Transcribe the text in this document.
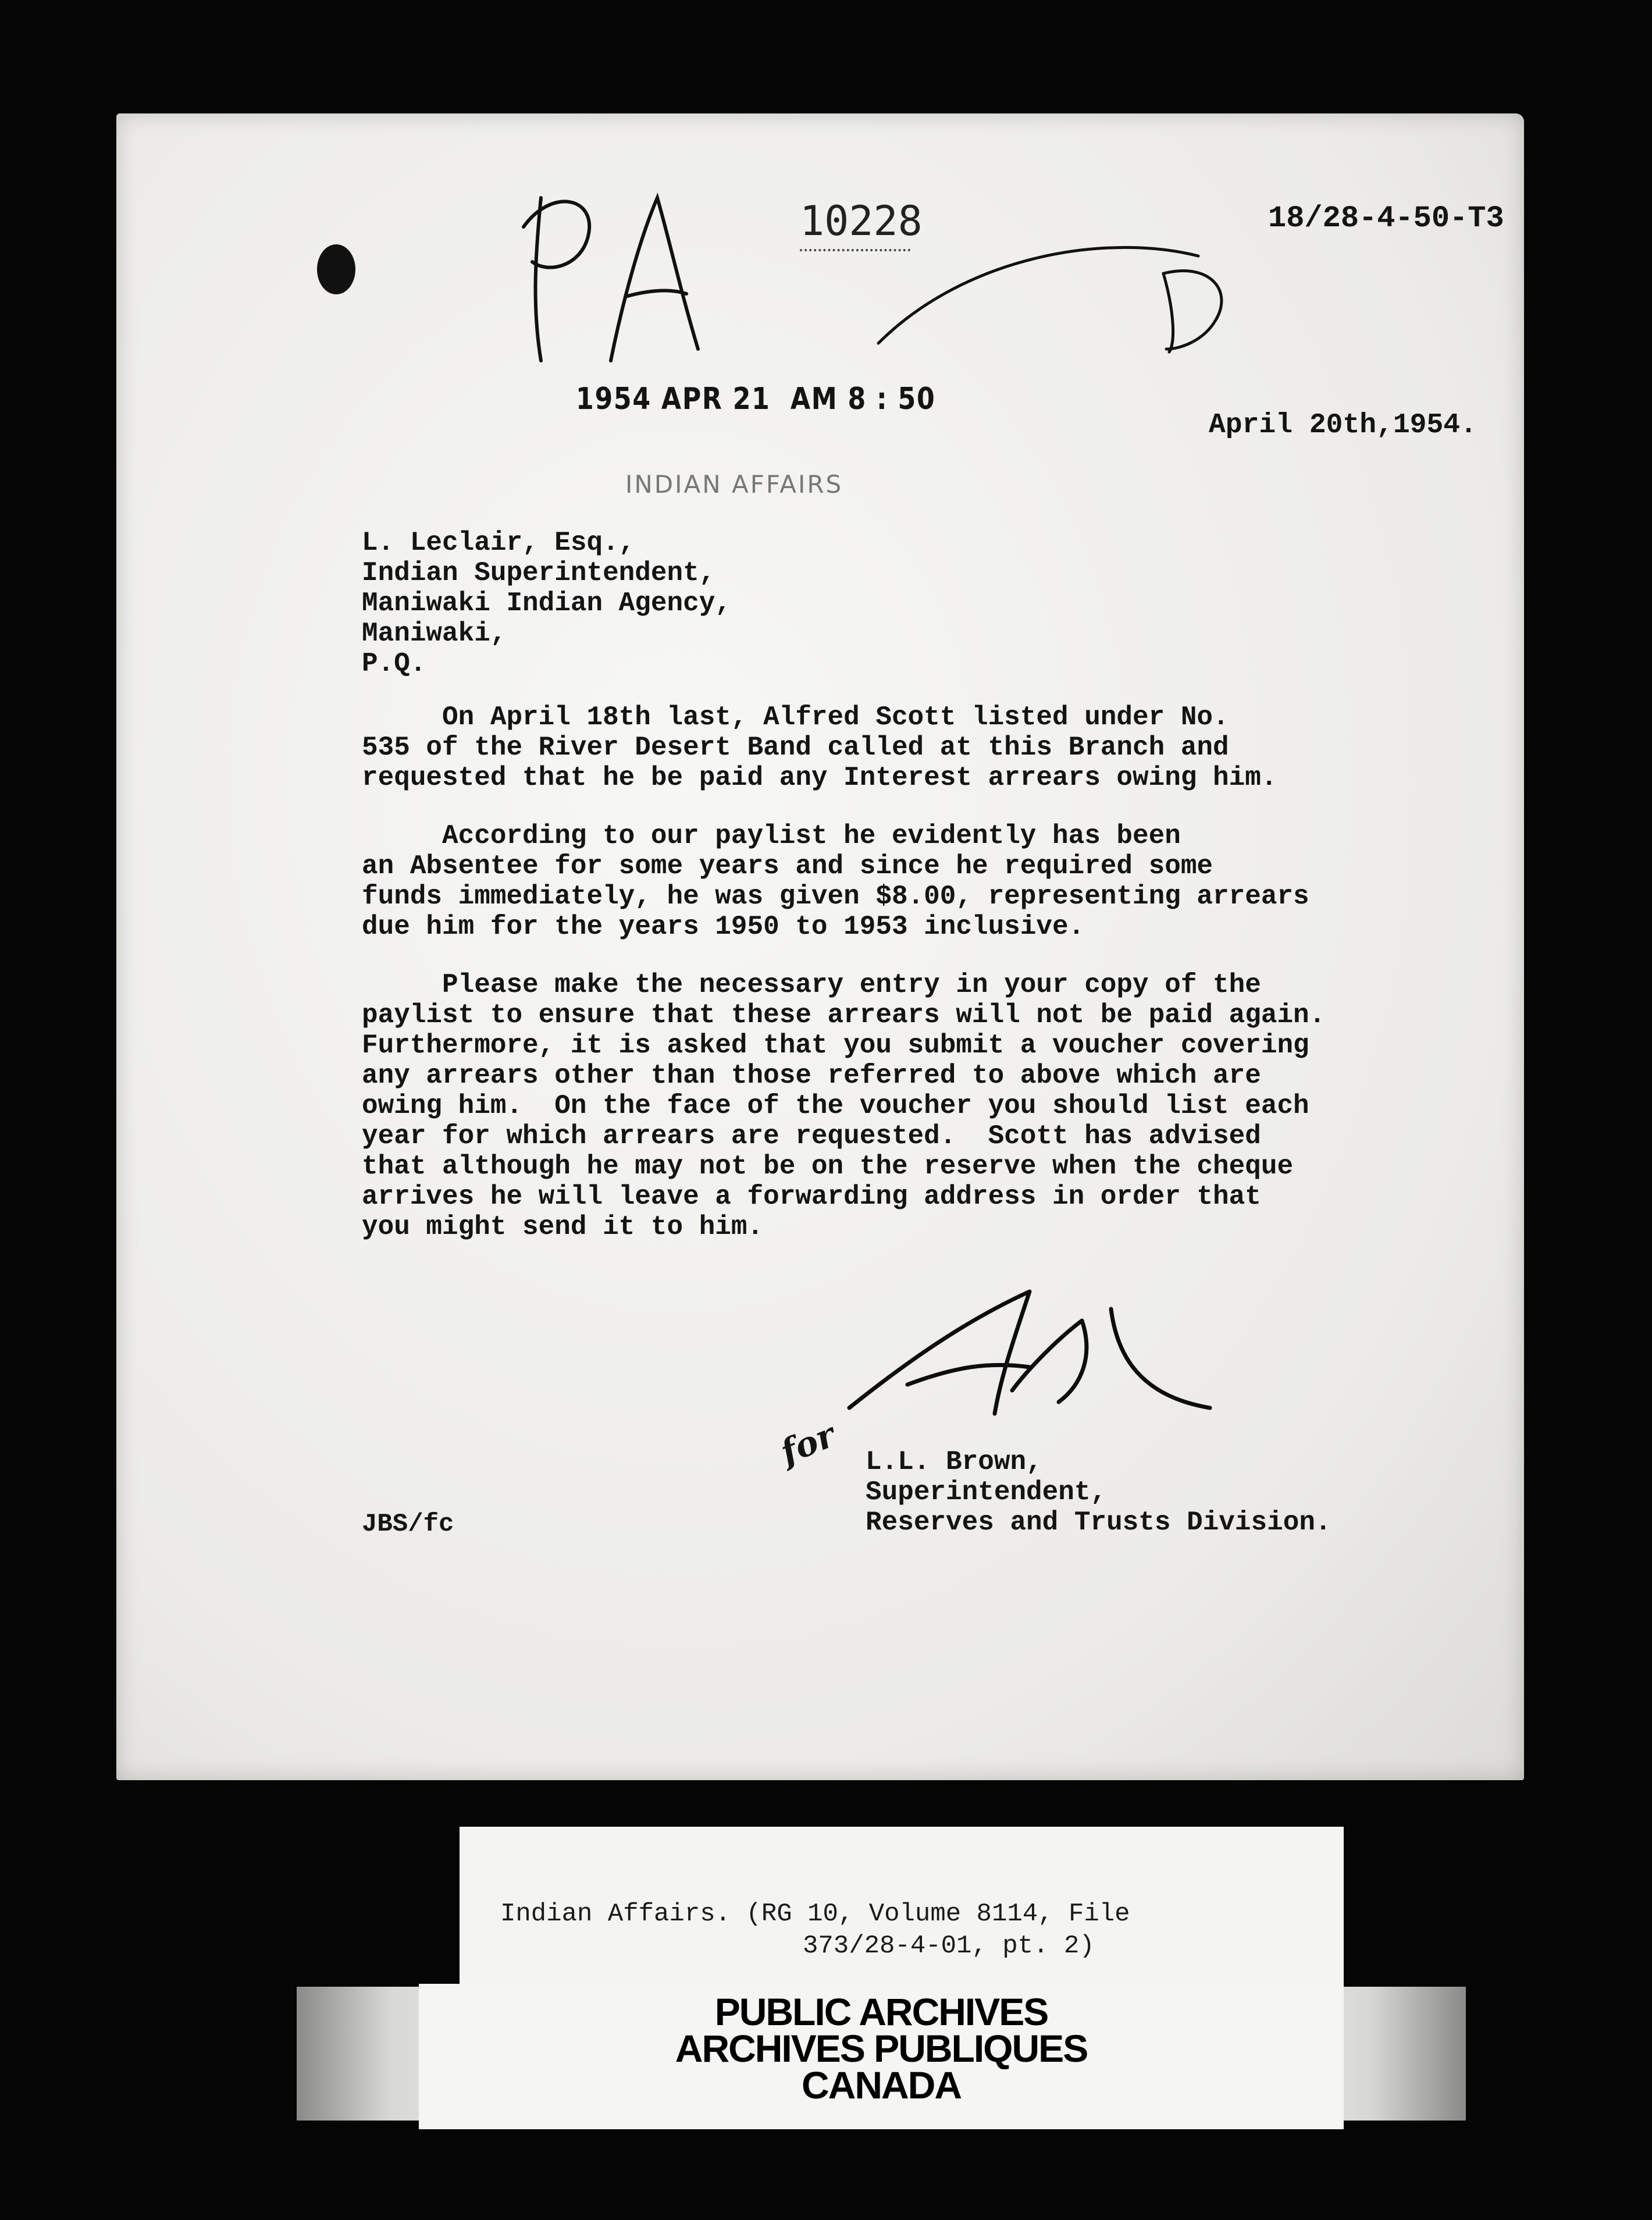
10228	18/28-4-50-T3
1954 APR 21  AM 8 : 50
April 20th,1954.
INDIAN AFFAIRS
L. Leclair, Esq.,
Indian Superintendent,
Maniwaki Indian Agency,
Maniwaki,
P.Q.
On April 18th last, Alfred Scott listed under No.
535 of the River Desert Band called at this Branch and
requested that he be paid any Interest arrears owing him.
According to our paylist he evidently has been
an Absentee for some years and since he required some
funds immediately, he was given $8.00, representing arrears
due him for the years 1950 to 1953 inclusive.
Please make the necessary entry in your copy of the
paylist to ensure that these arrears will not be paid again.
Furthermore, it is asked that you submit a voucher covering
any arrears other than those referred to above which are
owing him.  On the face of the voucher you should list each
year for which arrears are requested.  Scott has advised
that although he may not be on the reserve when the cheque
arrives he will leave a forwarding address in order that
you might send it to him.
for L.L. Brown,
Superintendent,
Reserves and Trusts Division.
JBS/fc
Indian Affairs. (RG 10, Volume 8114, File
373/28-4-01, pt. 2)
PUBLIC ARCHIVES
ARCHIVES PUBLIQUES
CANADA
